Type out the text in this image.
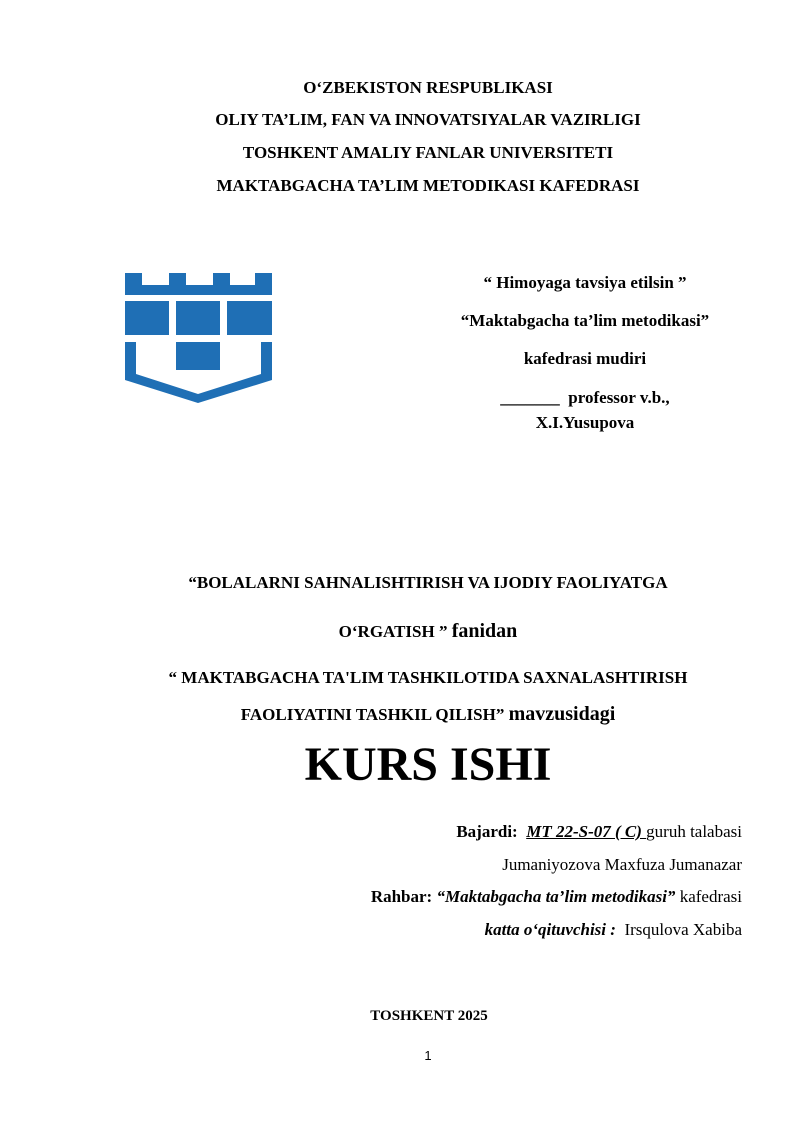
O‘ZBEKISTON RESPUBLIKASI
OLIY TA’LIM, FAN VA INNOVATSIYALAR VAZIRLIGI
TOSHKENT AMALIY FANLAR UNIVERSITETI
MAKTABGACHA TA’LIM METODIKASI KAFEDRASI
“ Himoyaga tavsiya etilsin ”
“Maktabgacha ta’lim metodikasi”
kafedrasi mudiri
_______ professor v.b.,
X.I.Yusupova
“BOLALARNI SAHNALISHTIRISH VA IJODIY FAOLIYATGA
O‘RGATISH ” fanidan
“ MAKTABGACHA TA'LIM TASHKILOTIDA SAXNALASHTIRISH
FAOLIYATINI TASHKIL QILISH” mavzusidagi
KURS ISHI
Bajardi: MT 22-S-07 ( C) guruh talabasi
Jumaniyozova Maxfuza Jumanazar
Rahbar: “Maktabgacha ta’lim metodikasi” kafedrasi
katta o‘qituvchisi : Irsqulova Xabiba
TOSHKENT 2025
1
